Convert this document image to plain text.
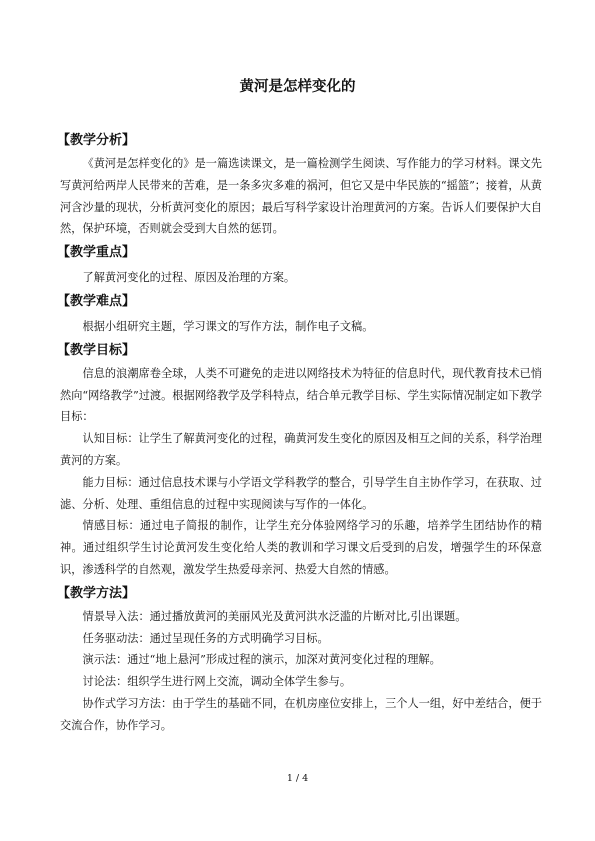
黄河是怎样变化的
【教学分析】

《黄河是怎样变化的》是一篇选读课文，是一篇检测学生阅读、写作能力的学习材料。课文先写黄河给两岸人民带来的苦难，是一条多灾多难的祸河，但它又是中华民族的“摇篮”；接着，从黄河含沙量的现状，分析黄河变化的原因；最后写科学家设计治理黄河的方案。告诉人们要保护大自然，保护环境，否则就会受到大自然的惩罚。

【教学重点】

了解黄河变化的过程、原因及治理的方案。

【教学难点】

根据小组研究主题，学习课文的写作方法，制作电子文稿。

【教学目标】

信息的浪潮席卷全球，人类不可避免的走进以网络技术为特征的信息时代，现代教育技术已悄然向“网络教学”过渡。根据网络教学及学科特点，结合单元教学目标、学生实际情况制定如下教学目标：

认知目标：让学生了解黄河变化的过程，确黄河发生变化的原因及相互之间的关系，科学治理黄河的方案。

能力目标：通过信息技术课与小学语文学科教学的整合，引导学生自主协作学习，在获取、过滤、分析、处理、重组信息的过程中实现阅读与写作的一体化。

情感目标：通过电子简报的制作，让学生充分体验网络学习的乐趣，培养学生团结协作的精神。通过组织学生讨论黄河发生变化给人类的教训和学习课文后受到的启发，增强学生的环保意识，渗透科学的自然观，激发学生热爱母亲河、热爱大自然的情感。

【教学方法】

情景导入法：通过播放黄河的美丽风光及黄河洪水泛滥的片断对比,引出课题。

任务驱动法：通过呈现任务的方式明确学习目标。

演示法：通过“地上悬河”形成过程的演示，加深对黄河变化过程的理解。

讨论法：组织学生进行网上交流，调动全体学生参与。

协作式学习方法：由于学生的基础不同，在机房座位安排上，三个人一组，好中差结合，便于交流合作，协作学习。

1 / 4
